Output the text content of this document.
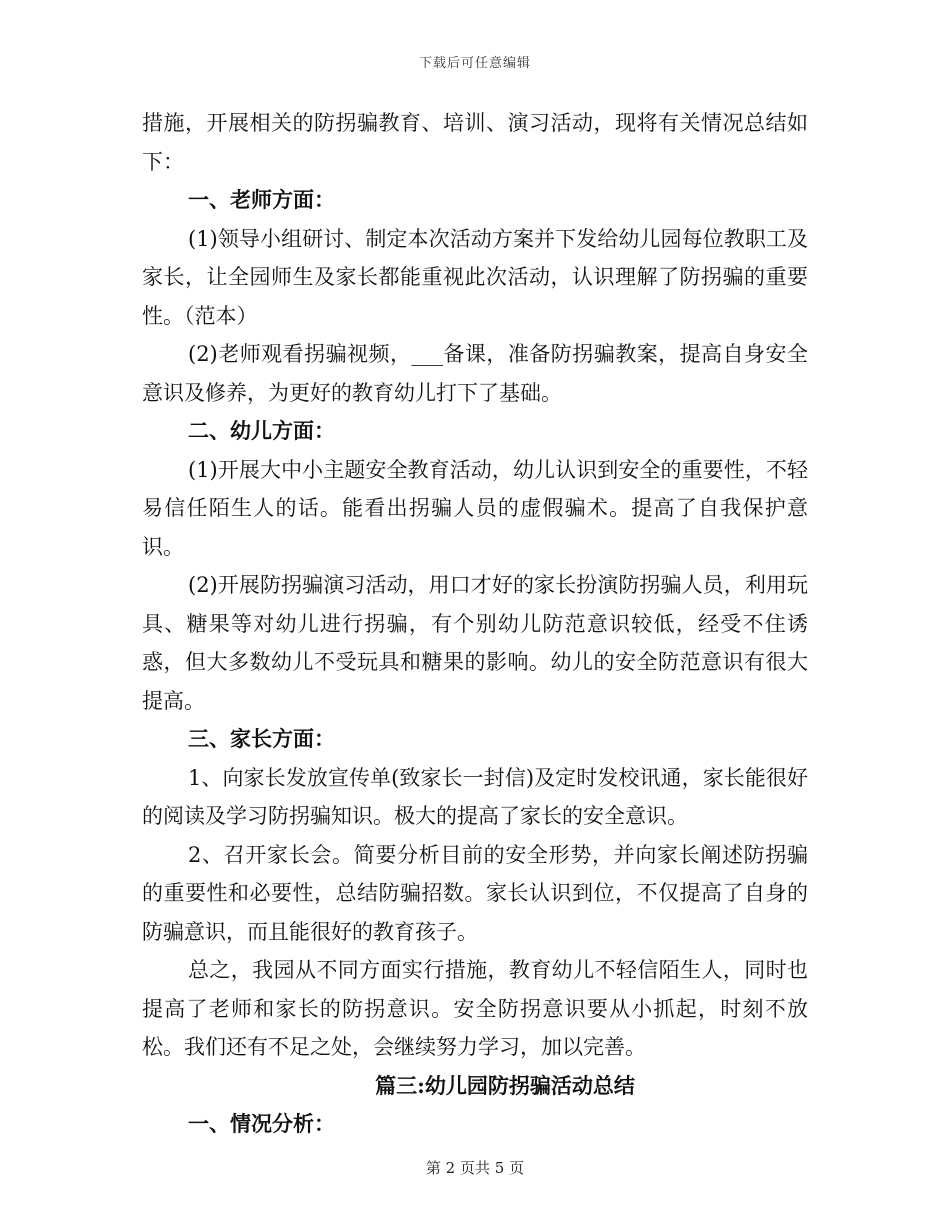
下载后可任意编辑

措施，开展相关的防拐骗教育、培训、演习活动，现将有关情况总结如下：

一、老师方面：

(1)领导小组研讨、制定本次活动方案并下发给幼儿园每位教职工及家长，让全园师生及家长都能重视此次活动，认识理解了防拐骗的重要性。（范本）

(2)老师观看拐骗视频，___备课，准备防拐骗教案，提高自身安全意识及修养，为更好的教育幼儿打下了基础。

二、幼儿方面：

(1)开展大中小主题安全教育活动，幼儿认识到安全的重要性，不轻易信任陌生人的话。能看出拐骗人员的虚假骗术。提高了自我保护意识。

(2)开展防拐骗演习活动，用口才好的家长扮演防拐骗人员，利用玩具、糖果等对幼儿进行拐骗，有个别幼儿防范意识较低，经受不住诱惑，但大多数幼儿不受玩具和糖果的影响。幼儿的安全防范意识有很大提高。

三、家长方面：

1、向家长发放宣传单(致家长一封信)及定时发校讯通，家长能很好的阅读及学习防拐骗知识。极大的提高了家长的安全意识。

2、召开家长会。简要分析目前的安全形势，并向家长阐述防拐骗的重要性和必要性，总结防骗招数。家长认识到位，不仅提高了自身的防骗意识，而且能很好的教育孩子。

总之，我园从不同方面实行措施，教育幼儿不轻信陌生人，同时也提高了老师和家长的防拐意识。安全防拐意识要从小抓起，时刻不放松。我们还有不足之处，会继续努力学习，加以完善。

篇三:幼儿园防拐骗活动总结

一、情况分析：

第 2 页共 5 页
